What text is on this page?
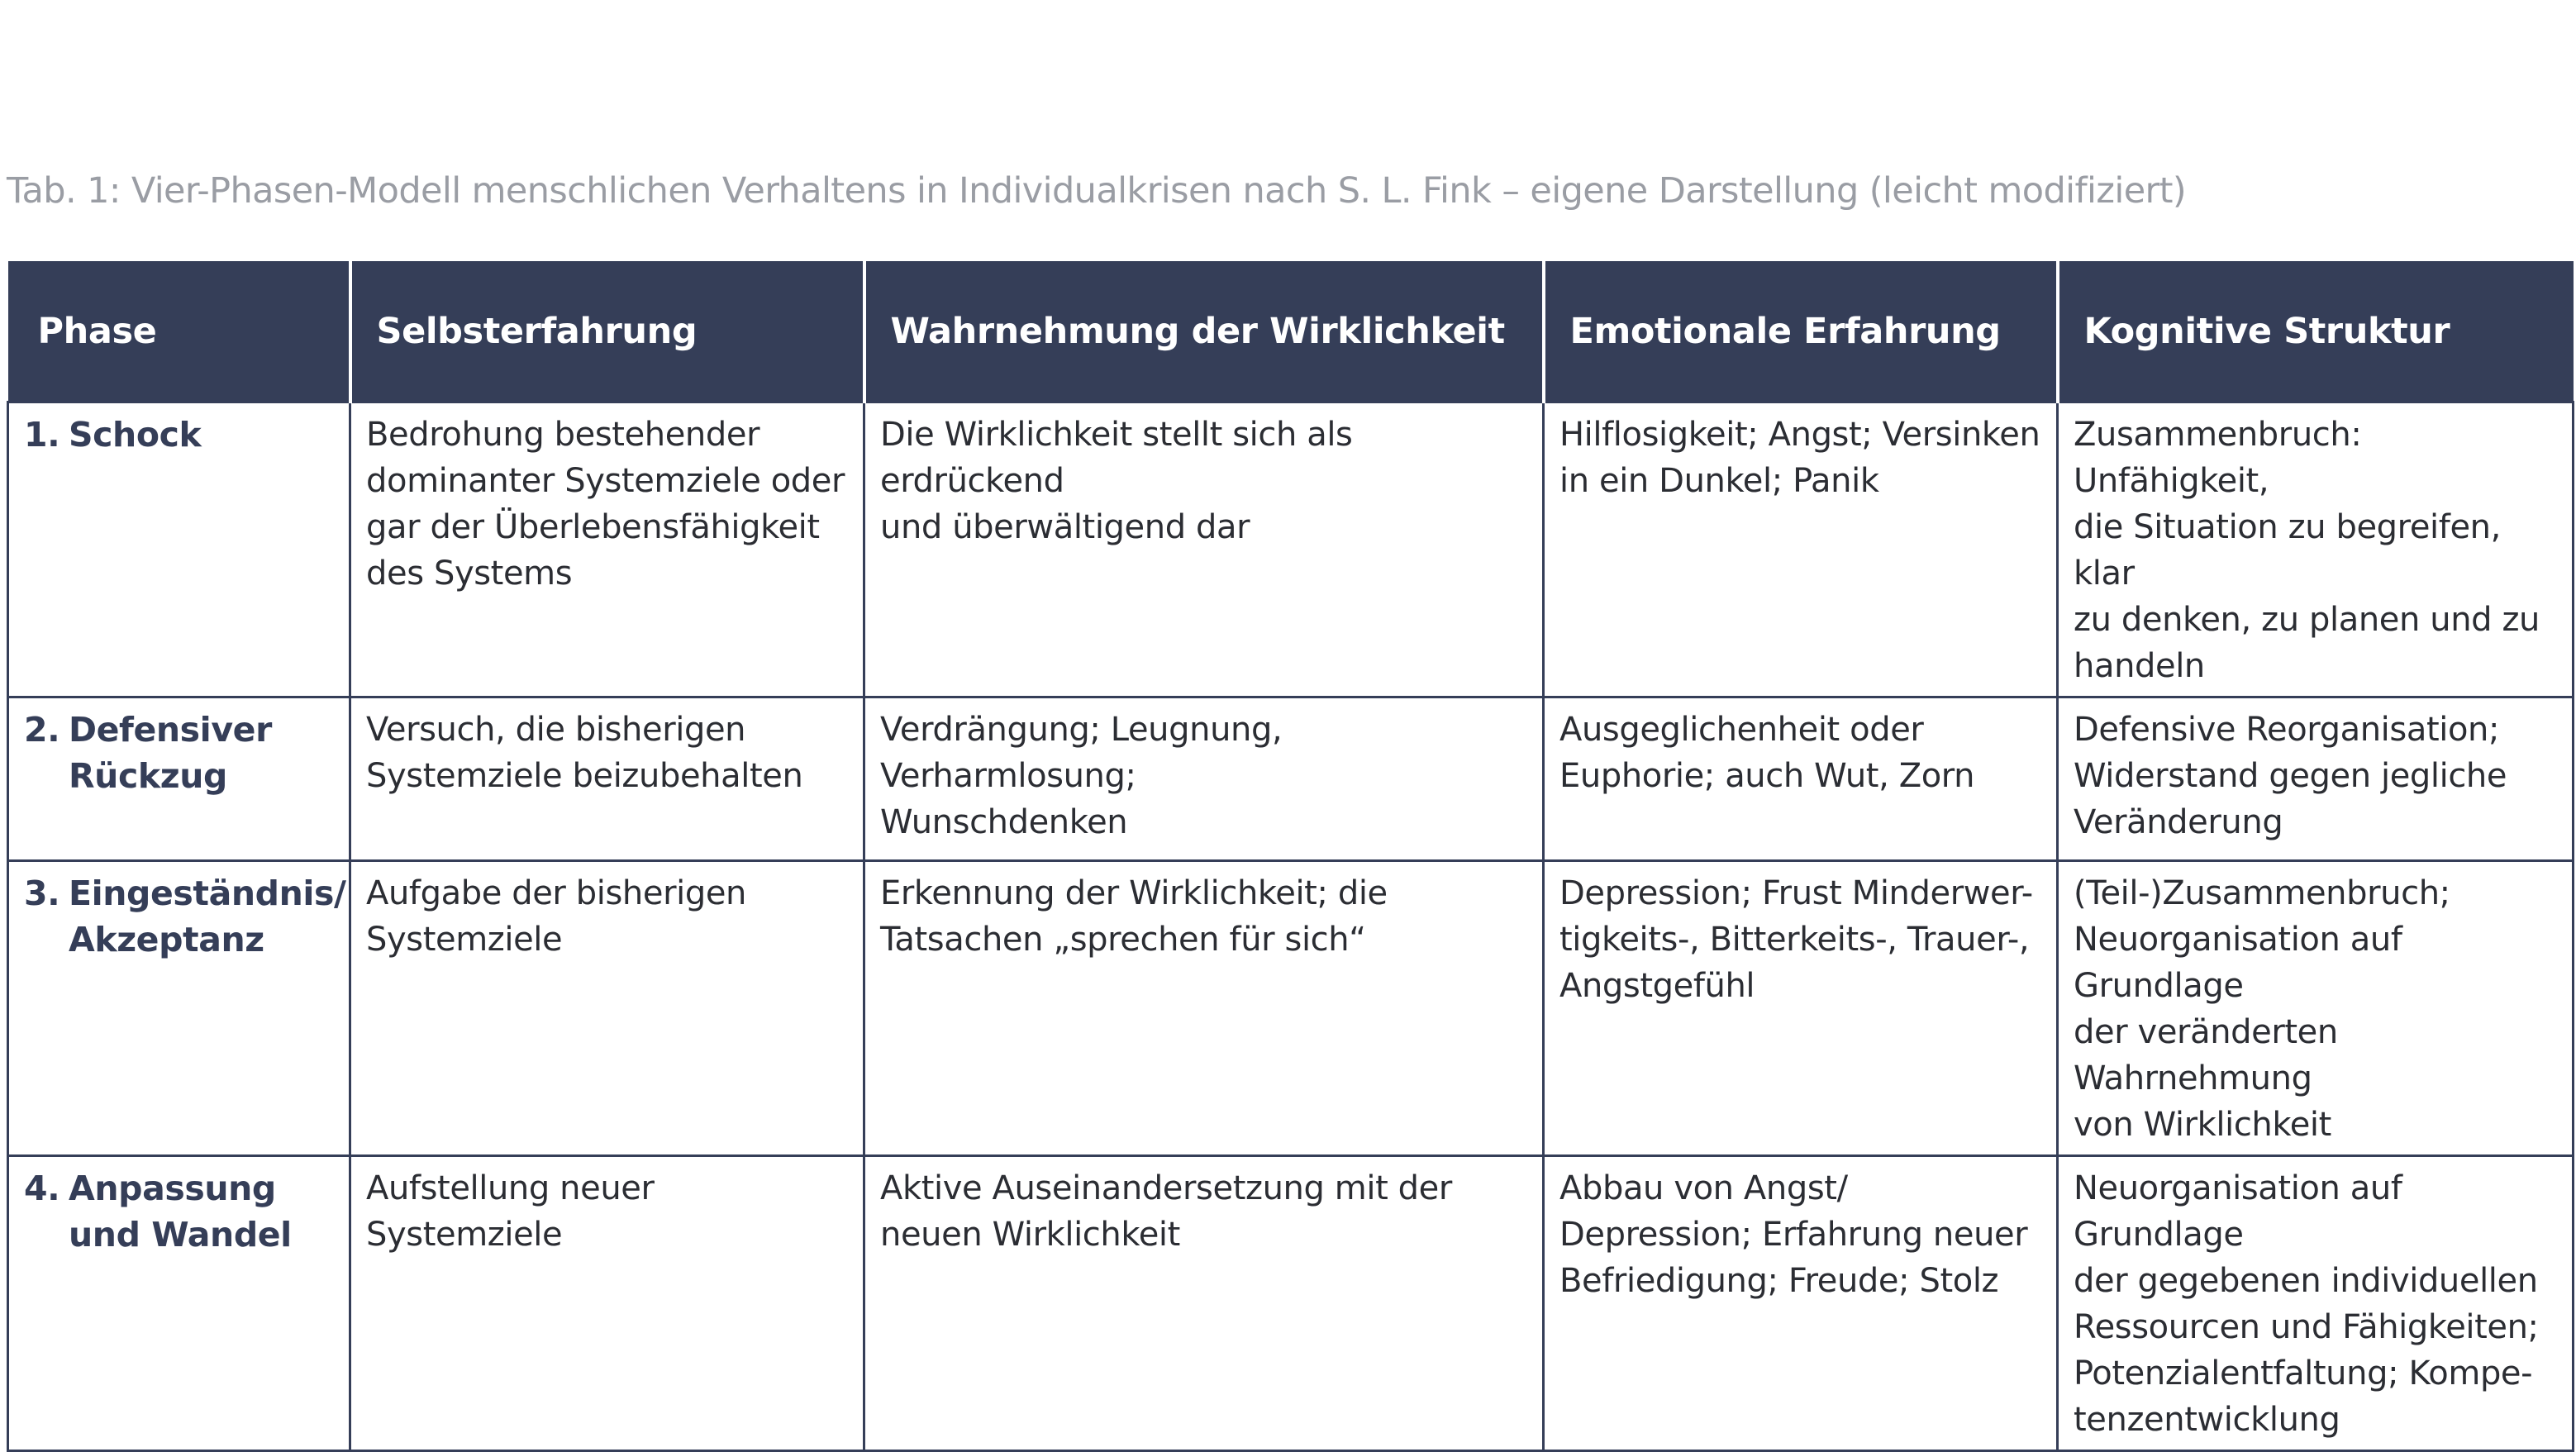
Tab. 1: Vier-Phasen-Modell menschlichen Verhaltens in Individualkrisen nach S. L. Fink – eigene Darstellung (leicht modifiziert)
Phase	Selbsterfahrung	Wahrnehmung der Wirklichkeit	Emotionale Erfahrung	Kognitive Struktur

1. Schock	Bedrohung bestehender
dominanter Systemziele oder
gar der Überlebensfähigkeit
des Systems	Die Wirklichkeit stellt sich als erdrückend
und überwältigend dar	Hilflosigkeit; Angst; Versinken
in ein Dunkel; Panik	Zusammenbruch: Unfähigkeit,
die Situation zu begreifen, klar
zu denken, zu planen und zu
handeln

2. Defensiver
Rückzug	Versuch, die bisherigen
Systemziele beizubehalten	Verdrängung; Leugnung, Verharmlosung;
Wunschdenken	Ausgeglichenheit oder
Euphorie; auch Wut, Zorn	Defensive Reorganisation;
Widerstand gegen jegliche
Veränderung

3. Eingeständnis/
Akzeptanz	Aufgabe der bisherigen
Systemziele	Erkennung der Wirklichkeit; die
Tatsachen „sprechen für sich“	Depression; Frust Minderwer-
tigkeits-, Bitterkeits-, Trauer-,
Angstgefühl	(Teil-)Zusammenbruch;
Neuorganisation auf Grundlage
der veränderten Wahrnehmung
von Wirklichkeit

4. Anpassung
und Wandel	Aufstellung neuer
Systemziele	Aktive Auseinandersetzung mit der
neuen Wirklichkeit	Abbau von Angst/
Depression; Erfahrung neuer
Befriedigung; Freude; Stolz	Neuorganisation auf Grundlage
der gegebenen individuellen
Ressourcen und Fähigkeiten;
Potenzialentfaltung; Kompe-
tenzentwicklung
